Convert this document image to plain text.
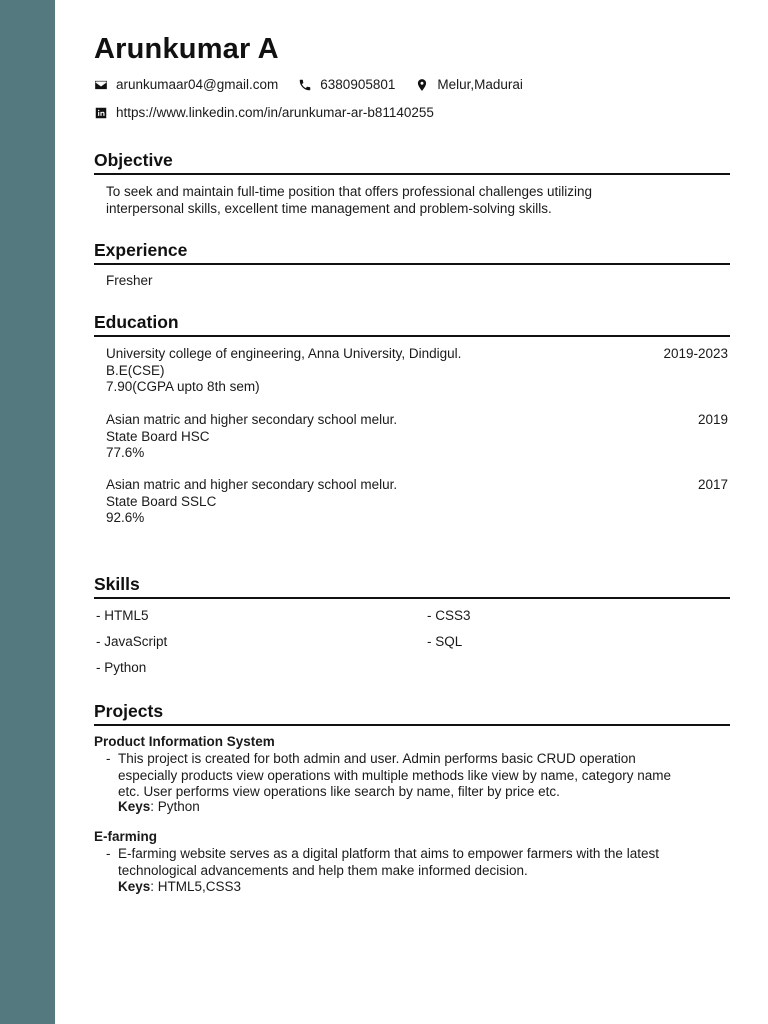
Arunkumar A
arunkumaar04@gmail.com	6380905801	Melur,Madurai
https://www.linkedin.com/in/arunkumar-ar-b81140255
Objective
To seek and maintain full-time position that offers professional challenges utilizing
interpersonal skills, excellent time management and problem-solving skills.
Experience
Fresher
Education
University college of engineering, Anna University, Dindigul.
B.E(CSE)
7.90(CGPA upto 8th sem)
2019-2023
Asian matric and higher secondary school melur.
State Board HSC
77.6%
2019
Asian matric and higher secondary school melur.
State Board SSLC
92.6%
2017
Skills
- HTML5	- CSS3
- JavaScript	- SQL
- Python
Projects
Product Information System
- This project is created for both admin and user. Admin performs basic CRUD operation
especially products view operations with multiple methods like view by name, category name
etc. User performs view operations like search by name, filter by price etc.
Keys: Python
E-farming
- E-farming website serves as a digital platform that aims to empower farmers with the latest
technological advancements and help them make informed decision.
Keys: HTML5,CSS3
